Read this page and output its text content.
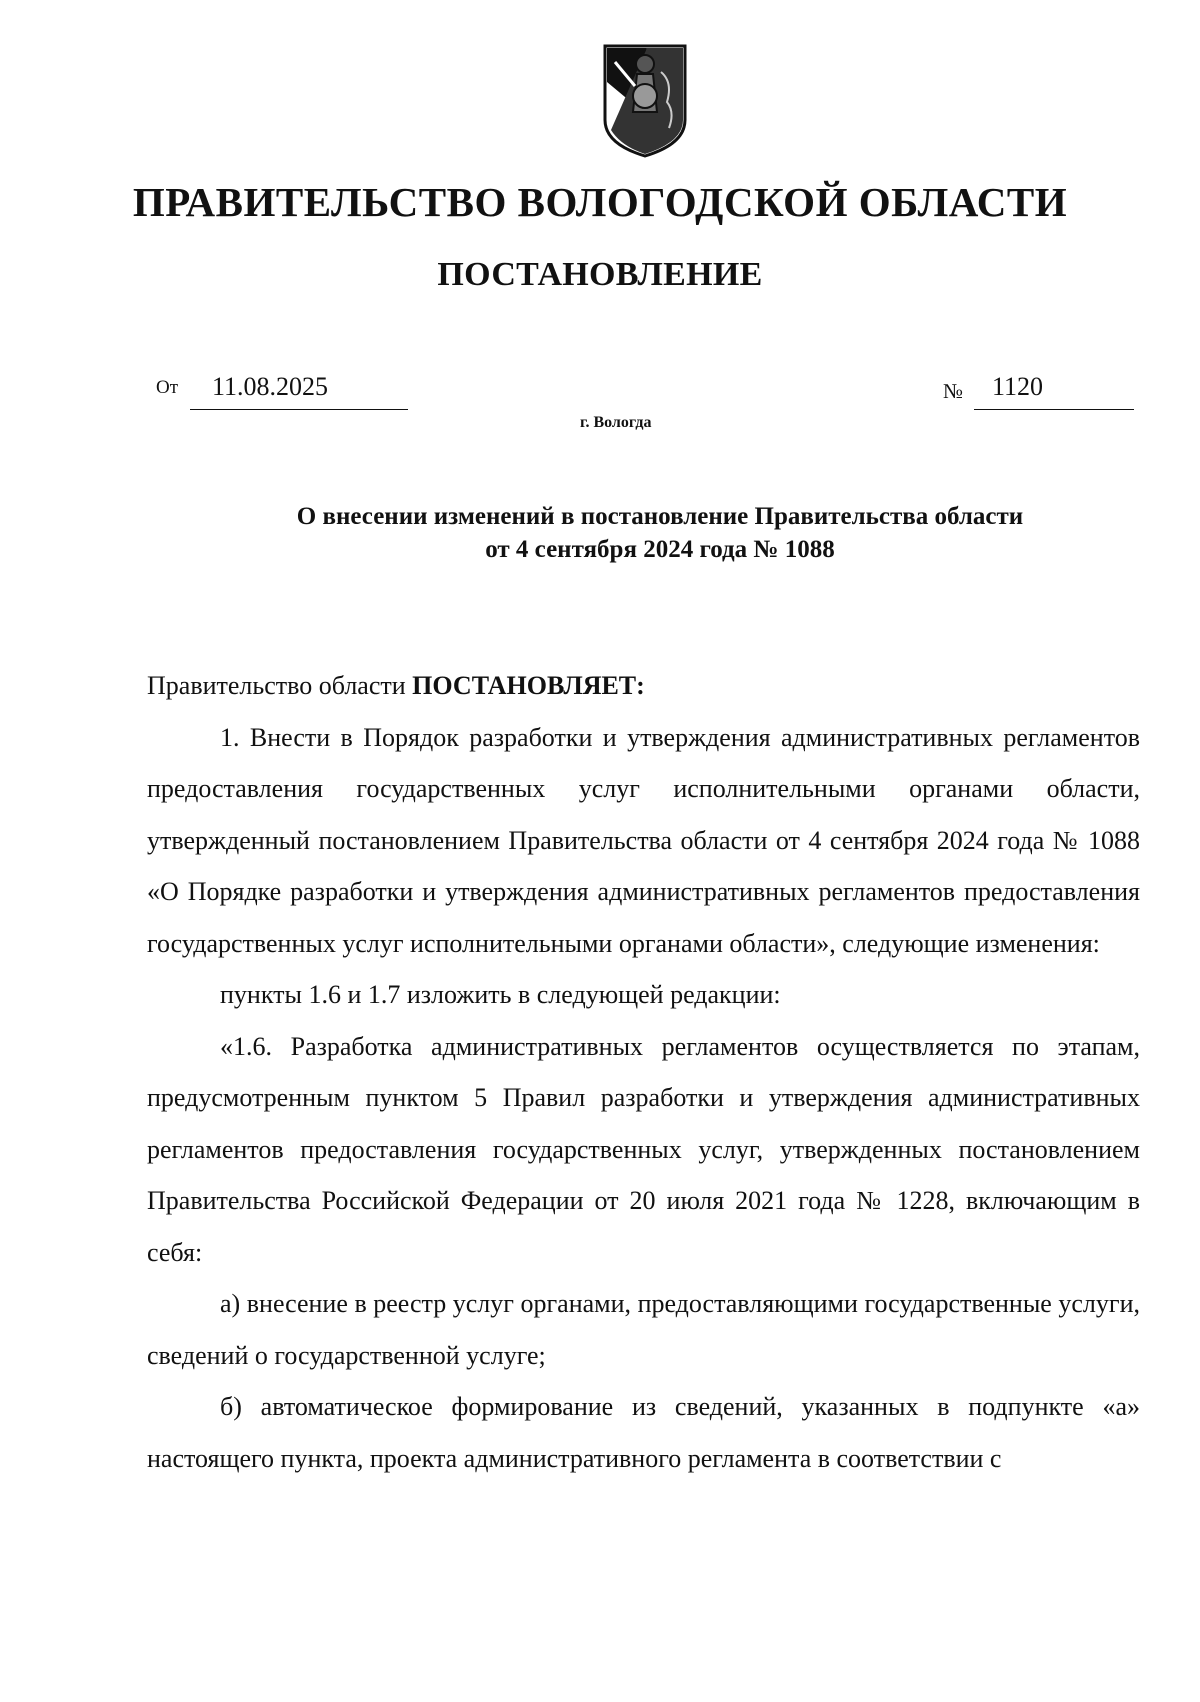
ПРАВИТЕЛЬСТВО ВОЛОГОДСКОЙ ОБЛАСТИ
ПОСТАНОВЛЕНИЕ
От	11.08.2025	№	1120
г. Вологда
О внесении изменений в постановление Правительства области
от 4 сентября 2024 года № 1088

Правительство области ПОСТАНОВЛЯЕТ:

1. Внести в Порядок разработки и утверждения административных регламентов предоставления государственных услуг исполнительными органами области, утвержденный постановлением Правительства области от 4 сентября 2024 года № 1088 «О Порядке разработки и утверждения административных регламентов предоставления государственных услуг исполнительными органами области», следующие изменения:

пункты 1.6 и 1.7 изложить в следующей редакции:

«1.6. Разработка административных регламентов осуществляется по этапам, предусмотренным пунктом 5 Правил разработки и утверждения административных регламентов предоставления государственных услуг, утвержденных постановлением Правительства Российской Федерации от 20 июля 2021 года № 1228, включающим в себя:

а) внесение в реестр услуг органами, предоставляющими государственные услуги, сведений о государственной услуге;

б) автоматическое формирование из сведений, указанных в подпункте «а» настоящего пункта, проекта административного регламента в соответствии с
